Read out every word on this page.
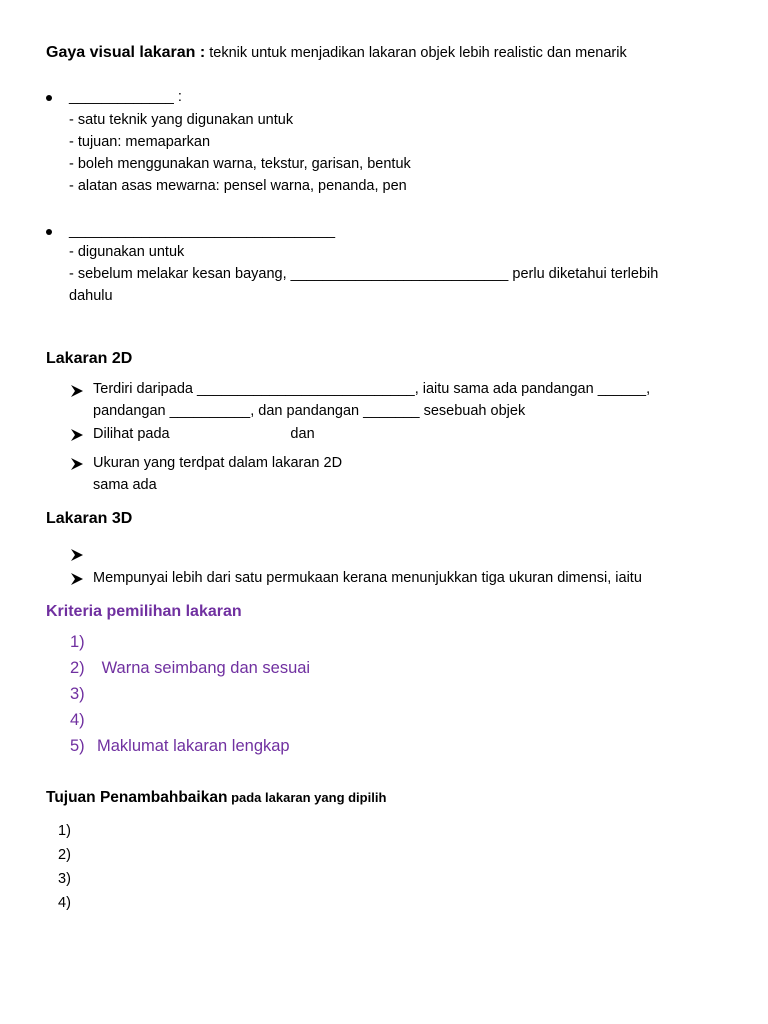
Gaya visual lakaran : teknik untuk menjadikan lakaran objek lebih realistic dan menarik
_____________ :
- satu teknik yang digunakan untuk
- tujuan: memaparkan
- boleh menggunakan warna, tekstur, garisan, bentuk
- alatan asas mewarna: pensel warna, penanda, pen
_________________________________
- digunakan untuk
- sebelum melakar kesan bayang, ___________________________ perlu diketahui terlebih
dahulu
Lakaran 2D
Terdiri daripada ___________________________, iaitu sama ada pandangan ______,
pandangan __________, dan pandangan _______ sesebuah objek
Dilihat pada                              dan
Ukuran yang terdpat dalam lakaran 2D
sama ada
Lakaran 3D
Mempunyai lebih dari satu permukaan kerana menunjukkan tiga ukuran dimensi, iaitu
Kriteria pemilihan lakaran
1)
2) Warna seimbang dan sesuai
3)
4)
5) Maklumat lakaran lengkap
Tujuan Penambahbaikan pada lakaran yang dipilih
1)
2)
3)
4)
